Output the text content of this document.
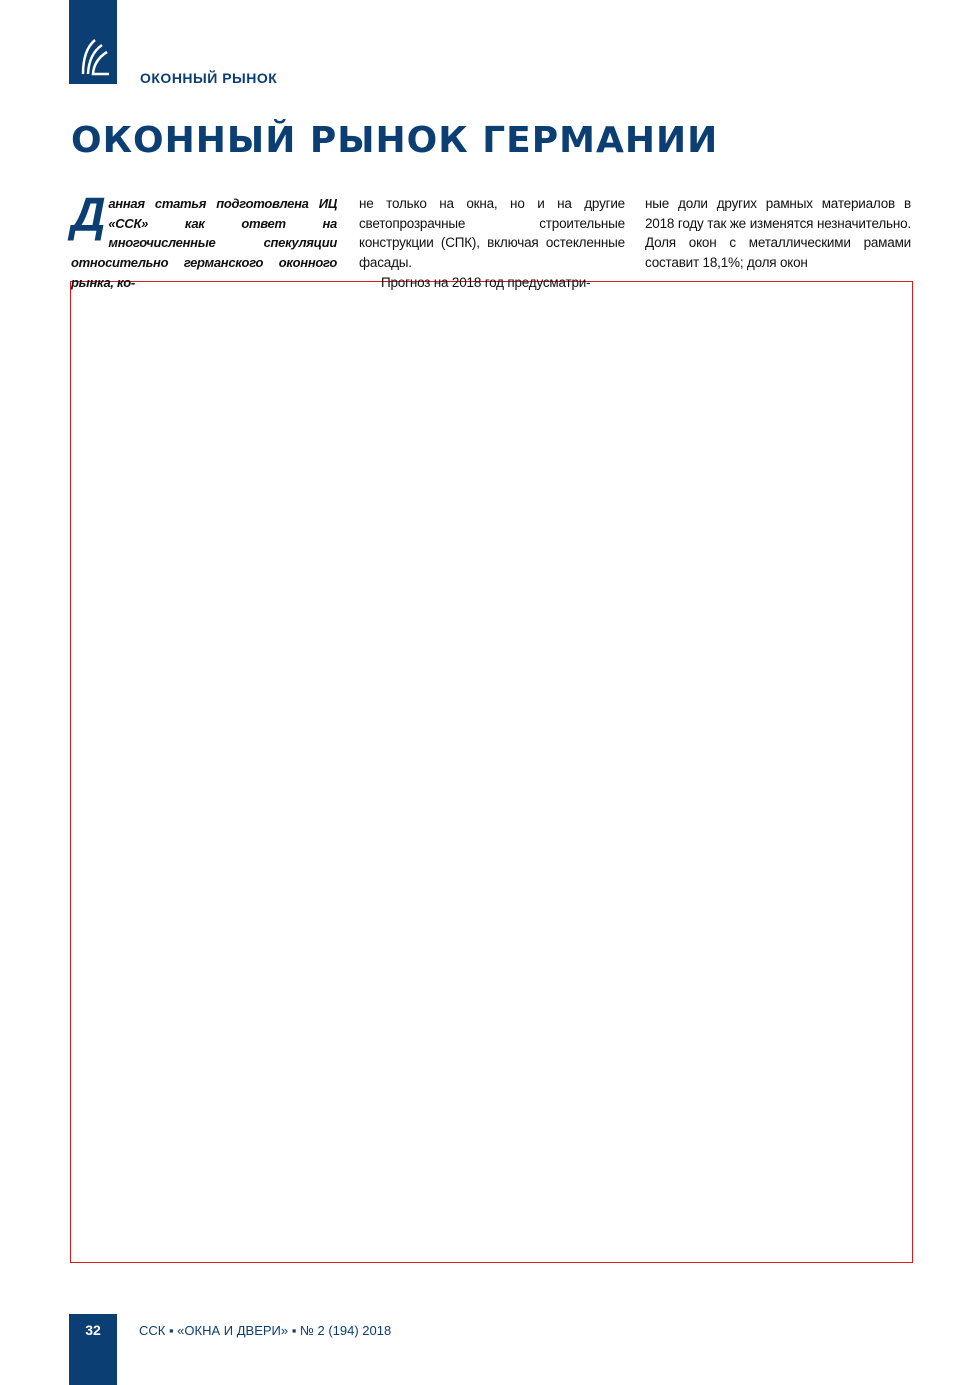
ОКОННЫЙ РЫНОК
ОКОННЫЙ РЫНОК ГЕРМАНИИ

Данная статья подготовлена ИЦ «ССК» как ответ на многочисленные спекуляции относительно германского оконного рынка, ко-

не только на окна, но и на другие светопрозрачные строительные конструкции (СПК), включая остекленные фасады.

Прогноз на 2018 год предусматри-

ные доли других рамных материалов в 2018 году так же изменятся незначительно. Доля окон с металлическими рамами составит 18,1%; доля окон

32	ССК ▪ «ОКНА И ДВЕРИ» ▪ № 2 (194) 2018
